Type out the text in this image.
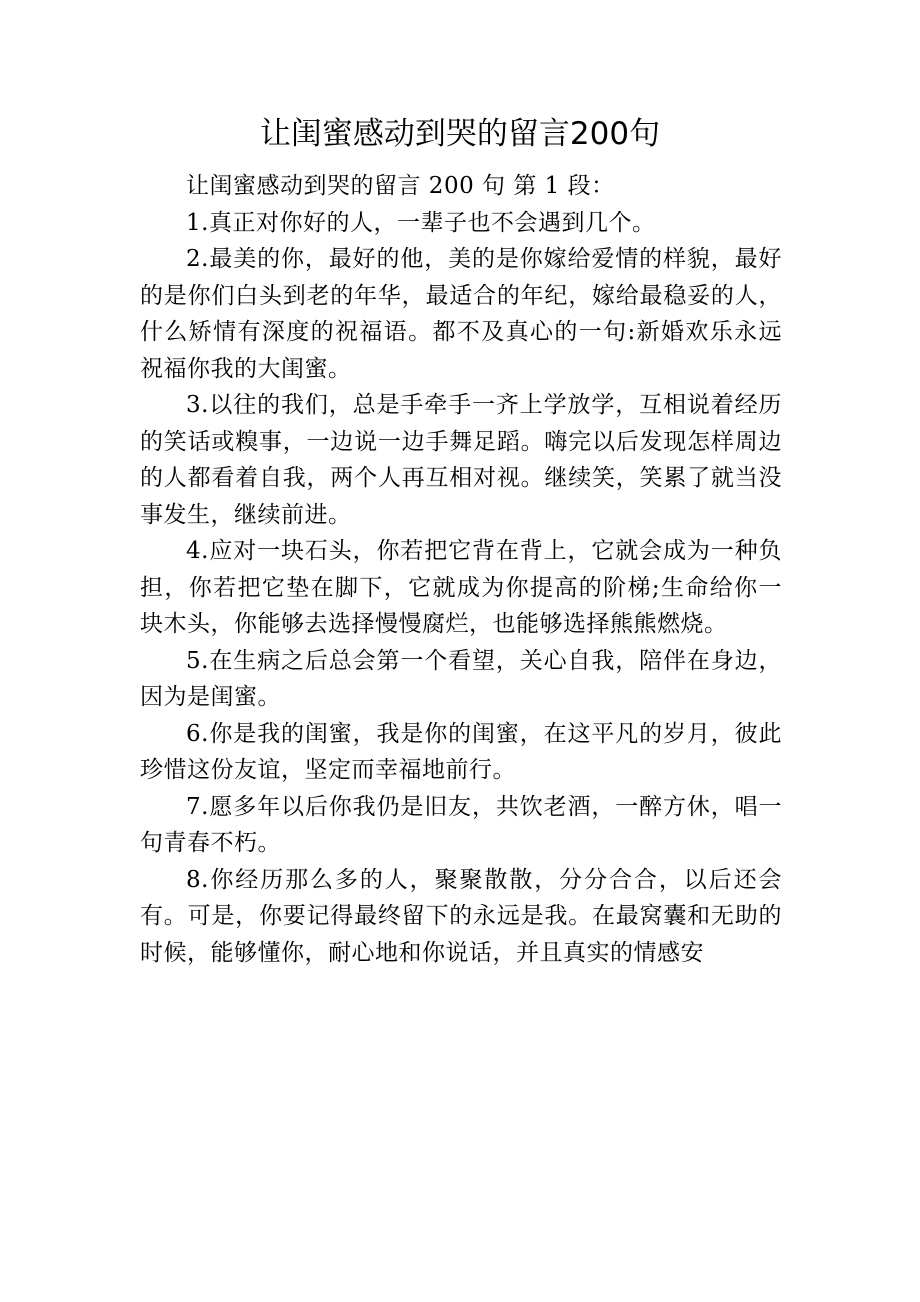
让闺蜜感动到哭的留言200句

让闺蜜感动到哭的留言 200 句 第 1 段：

1.真正对你好的人，一辈子也不会遇到几个。

2.最美的你，最好的他，美的是你嫁给爱情的样貌，最好的是你们白头到老的年华，最适合的年纪，嫁给最稳妥的人，什么矫情有深度的祝福语。都不及真心的一句:新婚欢乐永远祝福你我的大闺蜜。

3.以往的我们，总是手牵手一齐上学放学，互相说着经历的笑话或糗事，一边说一边手舞足蹈。嗨完以后发现怎样周边的人都看着自我，两个人再互相对视。继续笑，笑累了就当没事发生，继续前进。

4.应对一块石头，你若把它背在背上，它就会成为一种负担，你若把它垫在脚下，它就成为你提高的阶梯;生命给你一块木头，你能够去选择慢慢腐烂，也能够选择熊熊燃烧。

5.在生病之后总会第一个看望，关心自我，陪伴在身边，因为是闺蜜。

6.你是我的闺蜜，我是你的闺蜜，在这平凡的岁月，彼此珍惜这份友谊，坚定而幸福地前行。

7.愿多年以后你我仍是旧友，共饮老酒，一醉方休，唱一句青春不朽。

8.你经历那么多的人，聚聚散散，分分合合，以后还会有。可是，你要记得最终留下的永远是我。在最窝囊和无助的时候，能够懂你，耐心地和你说话，并且真实的情感安
